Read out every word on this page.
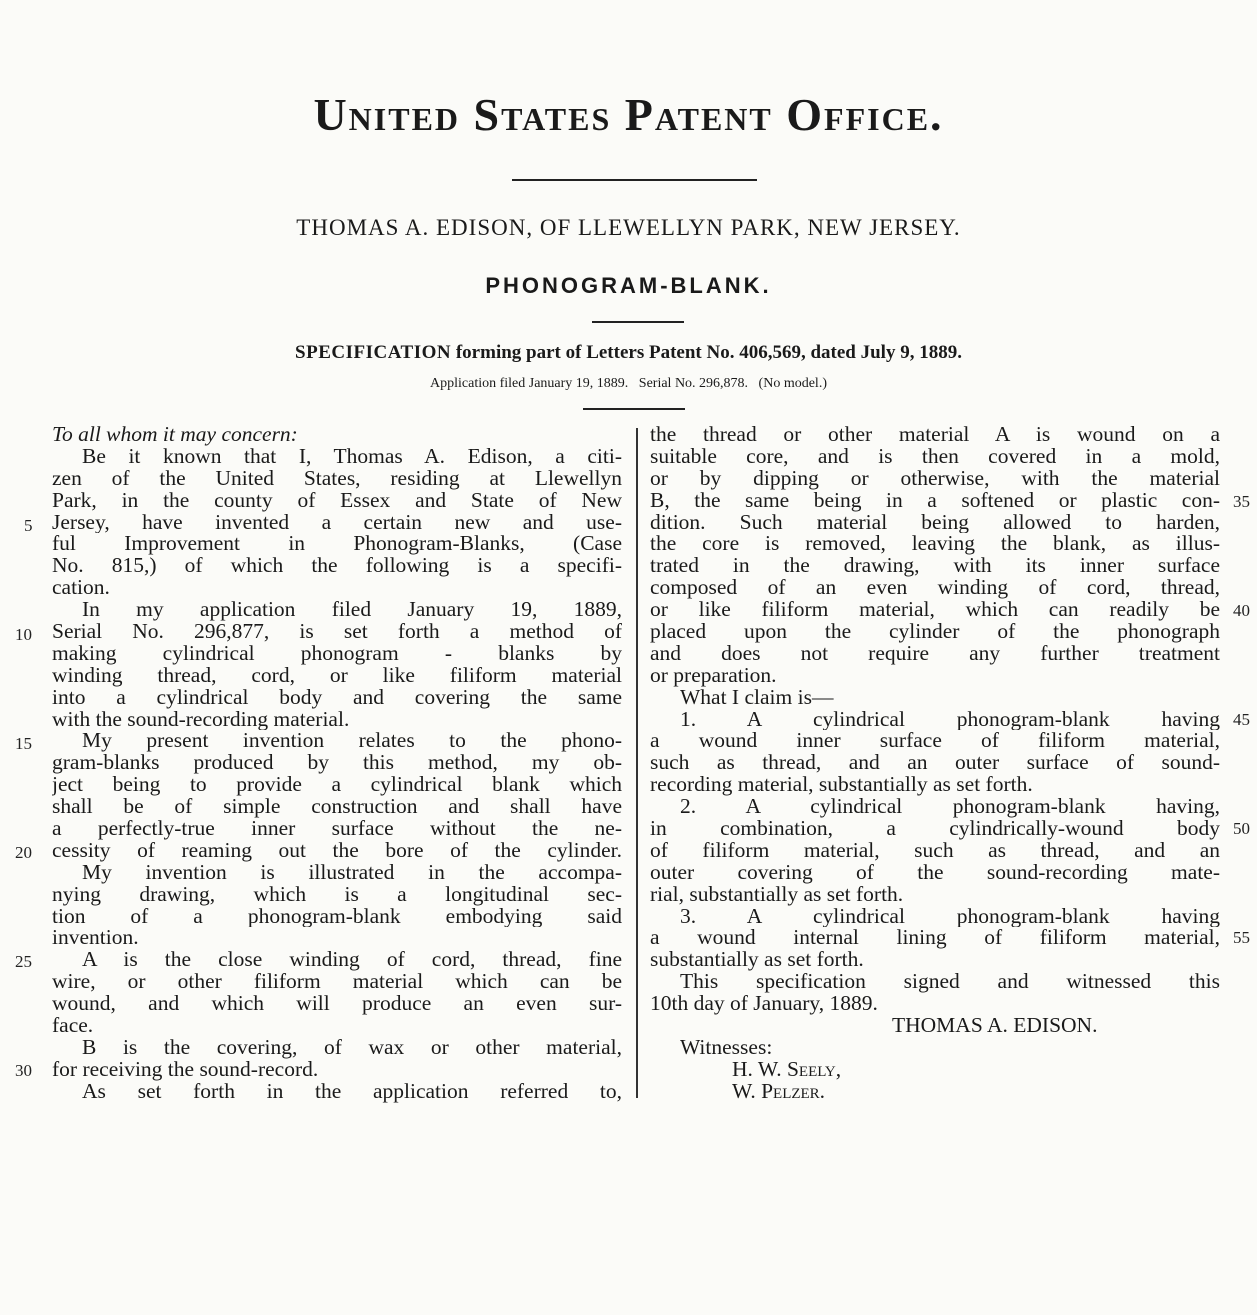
United States Patent Office.
THOMAS A. EDISON, OF LLEWELLYN PARK, NEW JERSEY.
PHONOGRAM-BLANK.
SPECIFICATION forming part of Letters Patent No. 406,569, dated July 9, 1889.
Application filed January 19, 1889.   Serial No. 296,878.   (No model.)
To all whom it may concern:
Be it known that I, Thomas A. Edison, a citi-
zen of the United States, residing at Llewellyn
Park, in the county of Essex and State of New
Jersey, have invented a certain new and use-
ful Improvement in Phonogram-Blanks, (Case
No. 815,) of which the following is a specifi-
cation.
In my application filed January 19, 1889,
Serial No. 296,877, is set forth a method of
making cylindrical phonogram - blanks by
winding thread, cord, or like filiform material
into a cylindrical body and covering the same
with the sound-recording material.
My present invention relates to the phono-
gram-blanks produced by this method, my ob-
ject being to provide a cylindrical blank which
shall be of simple construction and shall have
a perfectly-true inner surface without the ne-
cessity of reaming out the bore of the cylinder.
My invention is illustrated in the accompa-
nying drawing, which is a longitudinal sec-
tion of a phonogram-blank embodying said
invention.
A is the close winding of cord, thread, fine
wire, or other filiform material which can be
wound, and which will produce an even sur-
face.
B is the covering, of wax or other material,
for receiving the sound-record.
As set forth in the application referred to,
the thread or other material A is wound on a
suitable core, and is then covered in a mold,
or by dipping or otherwise, with the material
B, the same being in a softened or plastic con-
dition. Such material being allowed to harden,
the core is removed, leaving the blank, as illus-
trated in the drawing, with its inner surface
composed of an even winding of cord, thread,
or like filiform material, which can readily be
placed upon the cylinder of the phonograph
and does not require any further treatment
or preparation.
What I claim is—
1. A cylindrical phonogram-blank having
a wound inner surface of filiform material,
such as thread, and an outer surface of sound-
recording material, substantially as set forth.
2. A cylindrical phonogram-blank having,
in combination, a cylindrically-wound body
of filiform material, such as thread, and an
outer covering of the sound-recording mate-
rial, substantially as set forth.
3. A cylindrical phonogram-blank having
a wound internal lining of filiform material,
substantially as set forth.
This specification signed and witnessed this
10th day of January, 1889.
THOMAS A. EDISON.
Witnesses:
H. W. Seely,
W. Pelzer.
5
10
15
20
25
30
35
40
45
50
55
